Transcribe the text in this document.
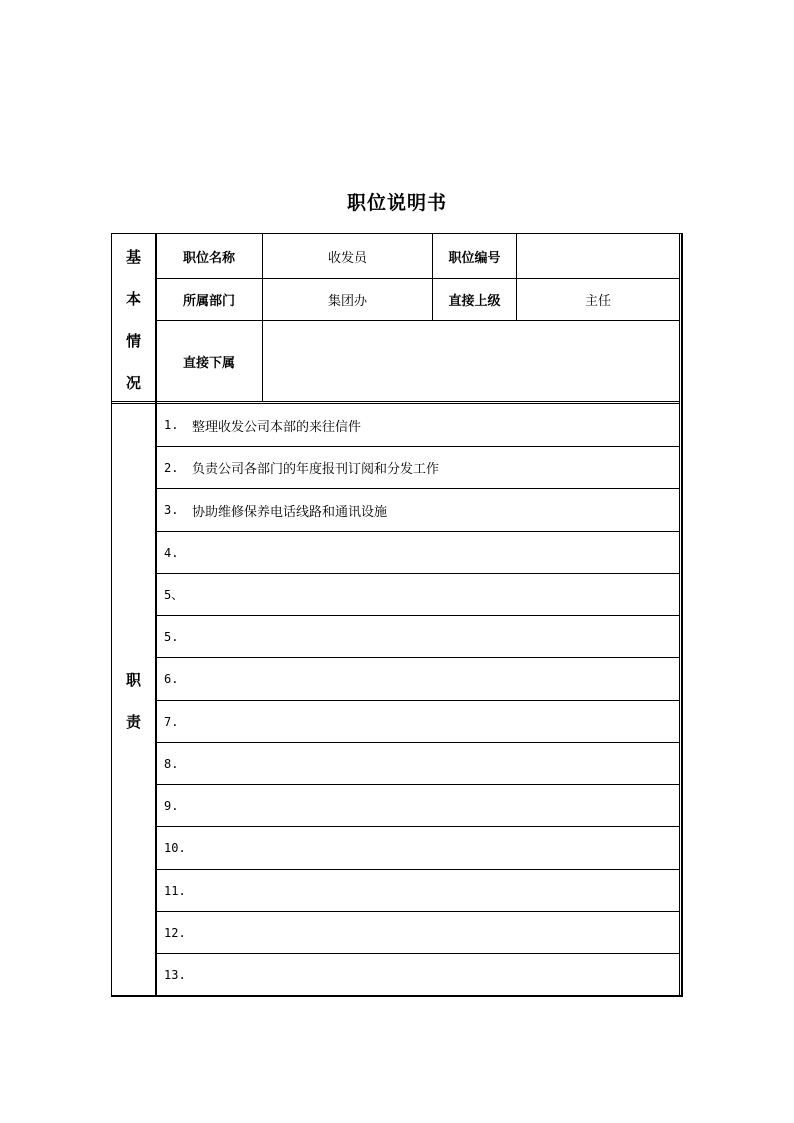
职位说明书
基
本
情
况
职位名称	收发员	职位编号
所属部门	集团办	直接上级	主任
直接下属
职
责
1.	整理收发公司本部的来往信件
2.	负责公司各部门的年度报刊订阅和分发工作
3.	协助维修保养电话线路和通讯设施
4.
5、
5.
6.
7.
8.
9.
10.
11.
12.
13.
